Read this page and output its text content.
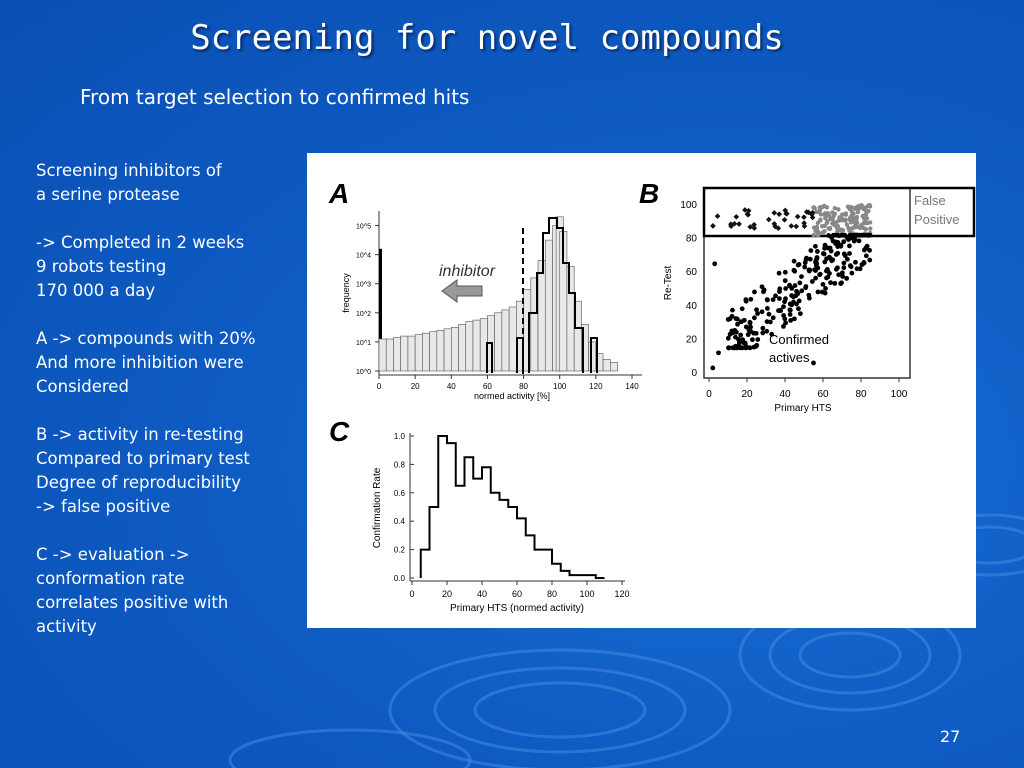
Screening for novel compounds
From target selection to confirmed hits
Screening inhibitors of
a serine protease
-> Completed in 2 weeks
9 robots testing
170 000 a day
A -> compounds with 20%
And more inhibition were
Considered
B -> activity in re-testing
Compared to primary test
Degree of reproducibility
-> false positive
C -> evaluation ->
conformation rate
correlates positive with
activity
A
frequency
normed activity [%]
0	20	40	60	80	100	120	140
10^0
10^1
10^2
10^3
10^4
10^5
inhibitor
B	False
Positive
Confirmed
actives
Re-Test
Primary HTS
0	20	40	60	80 100
0
20
40
60
80
100
C
Confirmation Rate
Primary HTS (normed activity)
0	20	40	60	80 100 120
0.0
0.2
0.4
0.6
0.8
1.0
27
